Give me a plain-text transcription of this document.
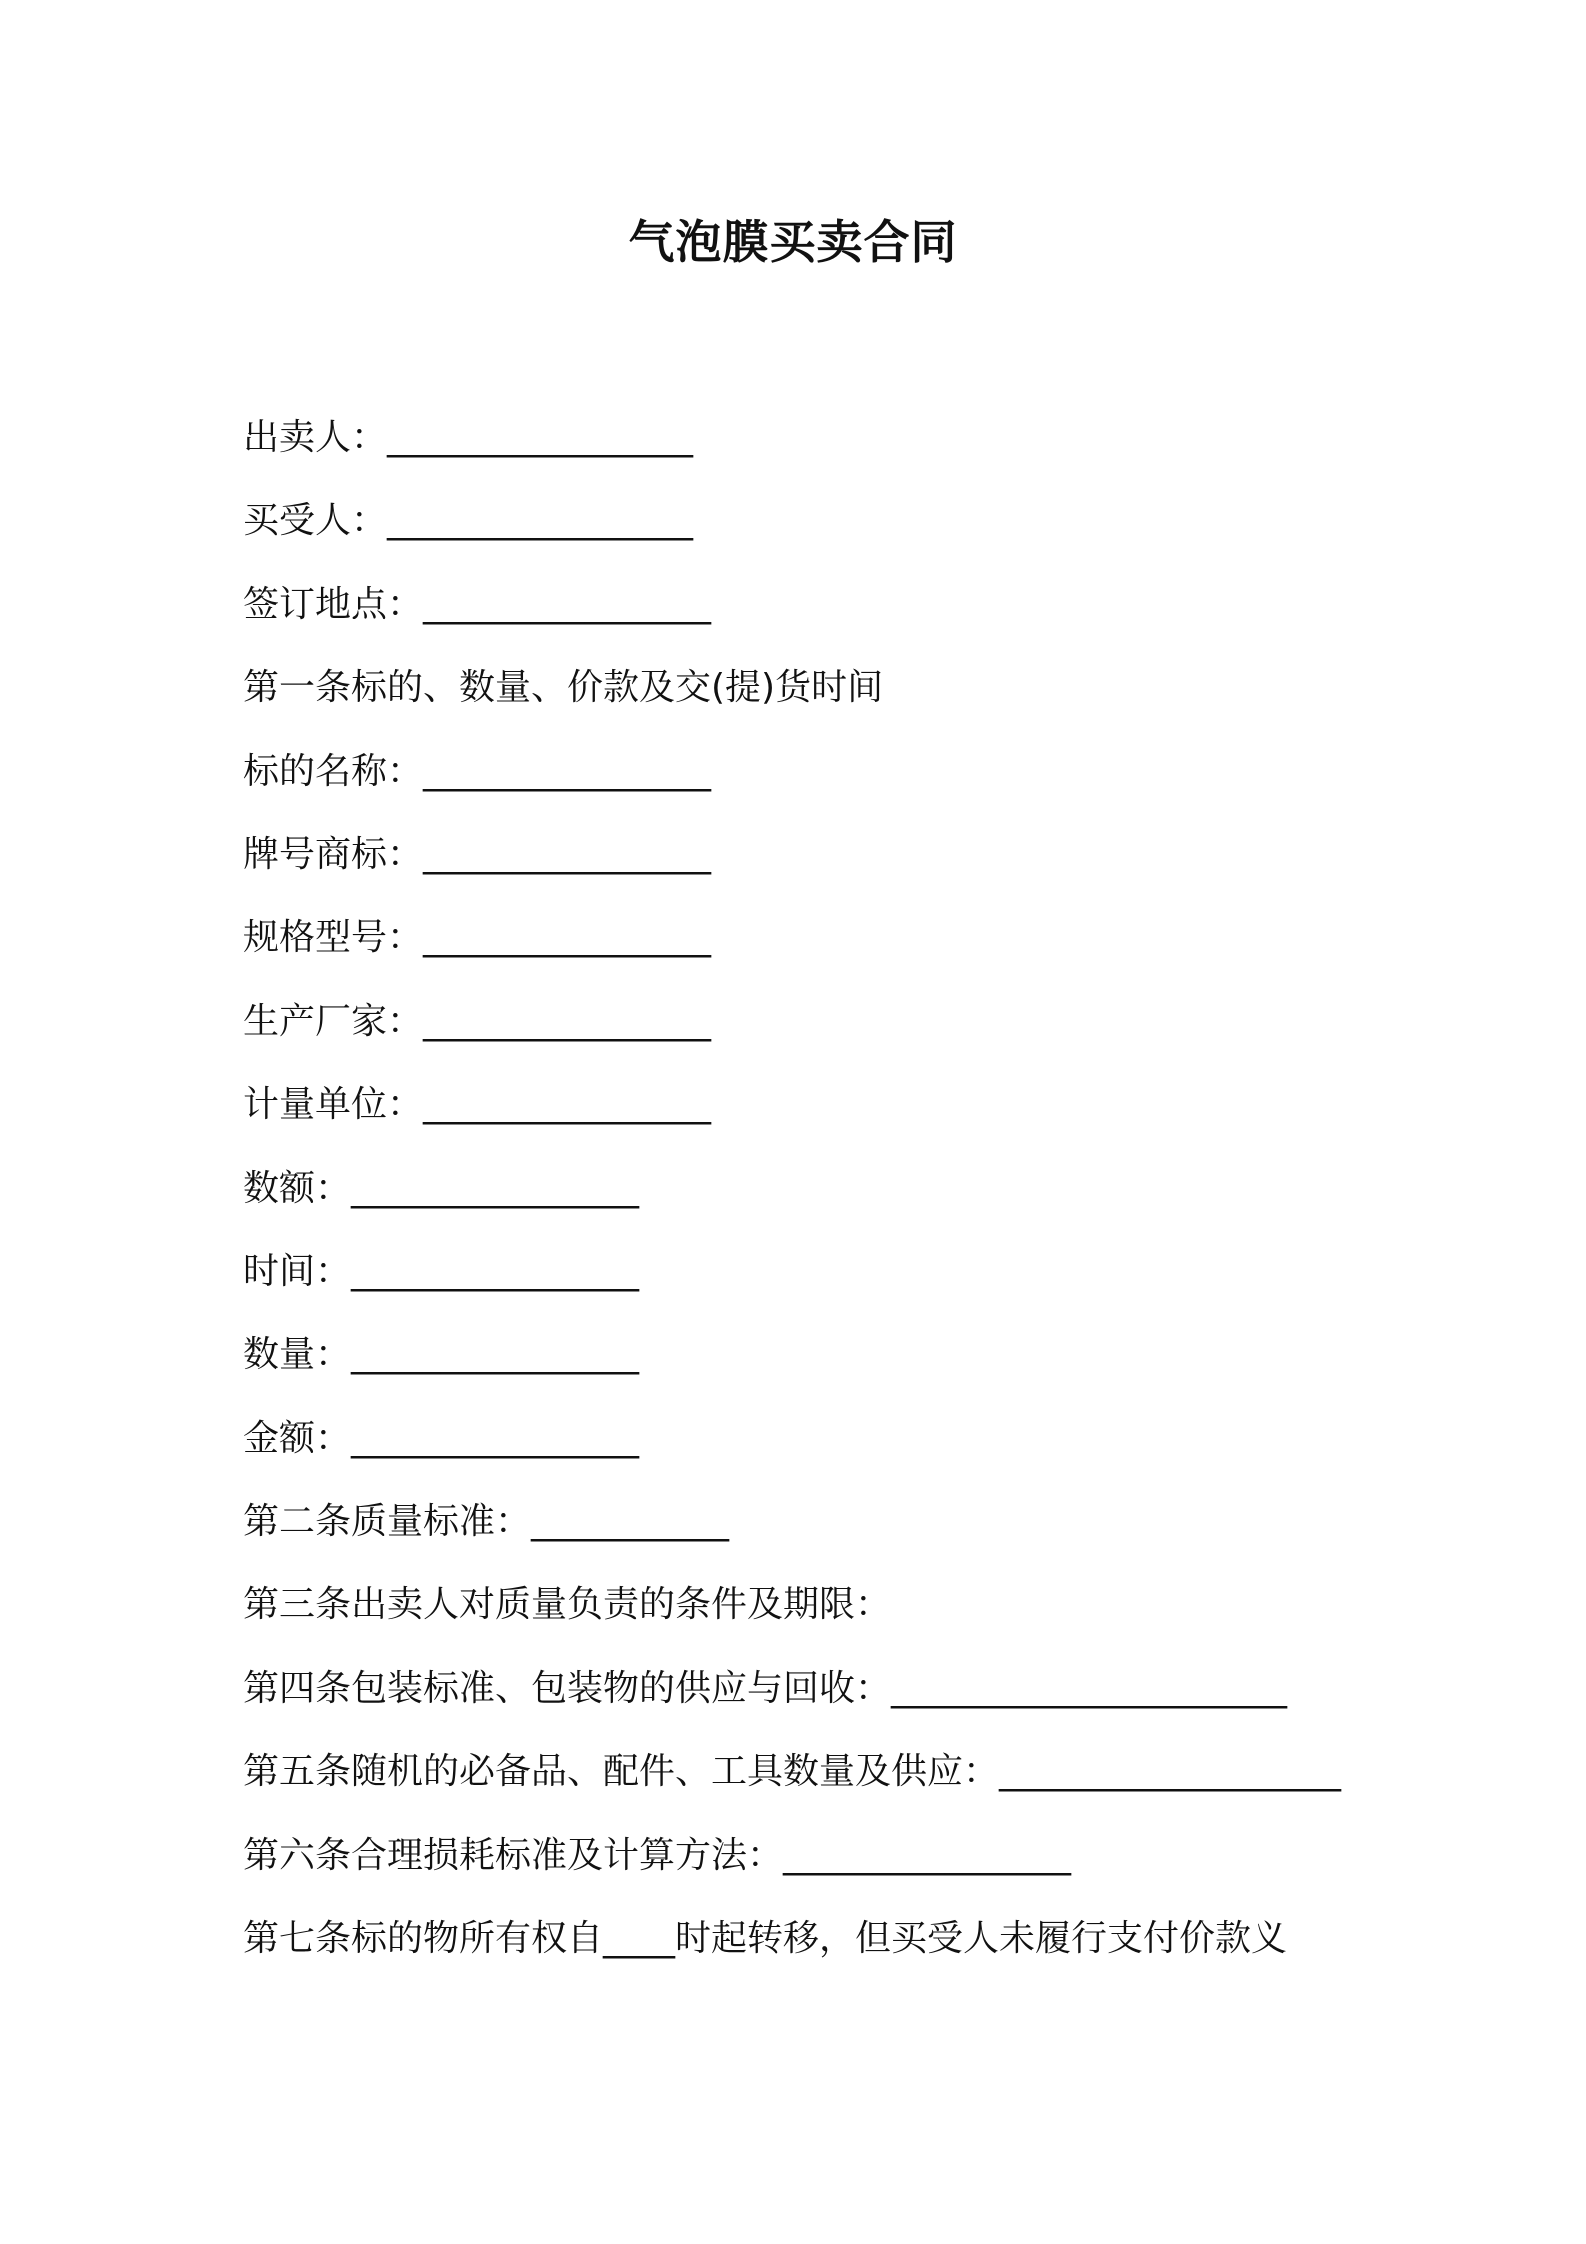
气泡膜买卖合同
出卖人：_________________
买受人：_________________
签订地点：________________
第一条标的、数量、价款及交(提)货时间
标的名称：________________
牌号商标：________________
规格型号：________________
生产厂家：________________
计量单位：________________
数额：________________
时间：________________
数量：________________
金额：________________
第二条质量标准：___________
第三条出卖人对质量负责的条件及期限：
第四条包装标准、包装物的供应与回收：______________________
第五条随机的必备品、配件、工具数量及供应：___________________
第六条合理损耗标准及计算方法：________________
第七条标的物所有权自____时起转移，但买受人未履行支付价款义
